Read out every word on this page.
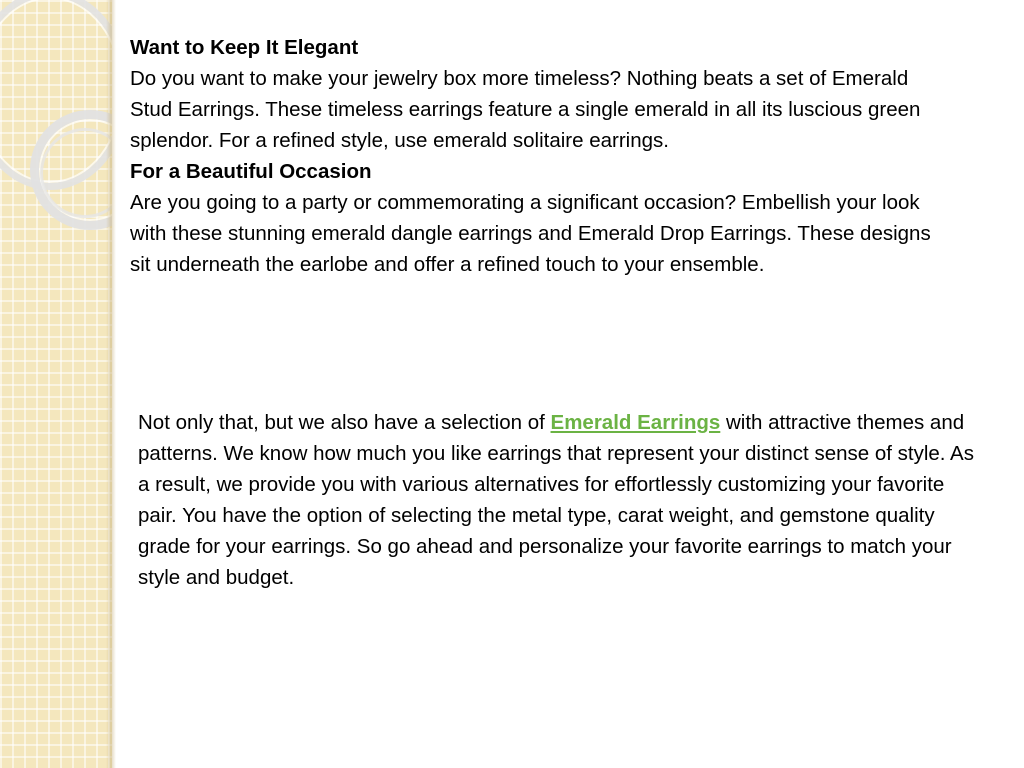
Want to Keep It Elegant

Do you want to make your jewelry box more timeless? Nothing beats a set of Emerald Stud Earrings. These timeless earrings feature a single emerald in all its luscious green splendor. For a refined style, use emerald solitaire earrings.

For a Beautiful Occasion

Are you going to a party or commemorating a significant occasion? Embellish your look with these stunning emerald dangle earrings and Emerald Drop Earrings. These designs sit underneath the earlobe and offer a refined touch to your ensemble.

Not only that, but we also have a selection of Emerald Earrings with attractive themes and patterns. We know how much you like earrings that represent your distinct sense of style. As a result, we provide you with various alternatives for effortlessly customizing your favorite pair. You have the option of selecting the metal type, carat weight, and gemstone quality grade for your earrings. So go ahead and personalize your favorite earrings to match your style and budget.
